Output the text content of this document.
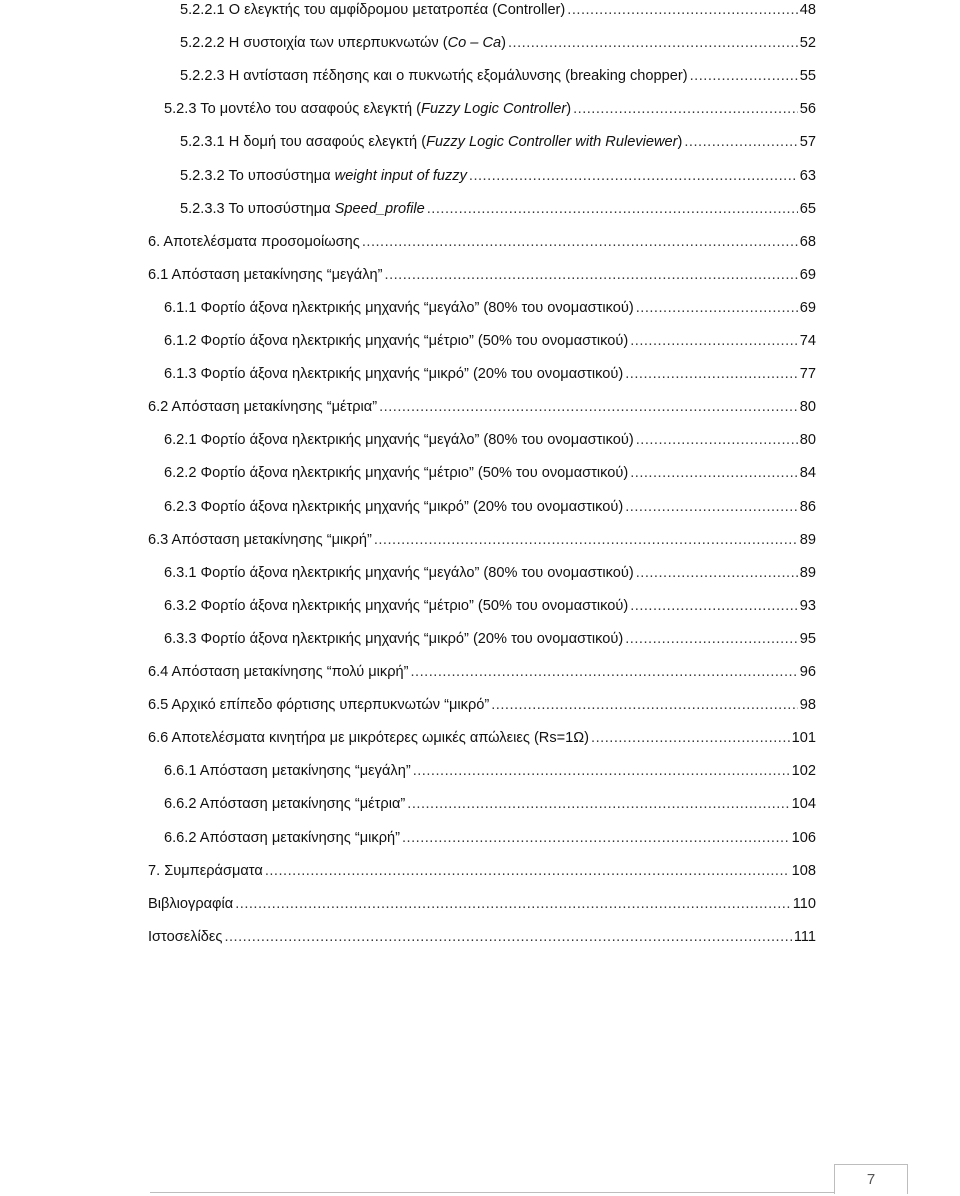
5.2.2.1 Ο ελεγκτής του αμφίδρομου μετατροπέα (Controller) .....	48
5.2.2.2 Η συστοιχία των υπερπυκνωτών (Co – Ca) .....	52
5.2.2.3 Η αντίσταση πέδησης και ο πυκνωτής εξομάλυνσης (breaking chopper) .....	55
5.2.3 Το μοντέλο του ασαφούς ελεγκτή (Fuzzy Logic Controller) .....	56
5.2.3.1 Η δομή του ασαφούς ελεγκτή (Fuzzy Logic Controller with Ruleviewer) .....	57
5.2.3.2 Το υποσύστημα weight input of fuzzy .....	63
5.2.3.3 Το υποσύστημα Speed_profile .....	65
6. Αποτελέσματα προσομοίωσης .....	68
6.1 Απόσταση μετακίνησης “μεγάλη” .....	69
6.1.1 Φορτίο άξονα ηλεκτρικής μηχανής “μεγάλο” (80% του ονομαστικού) .....	69
6.1.2 Φορτίο άξονα ηλεκτρικής μηχανής “μέτριο” (50% του ονομαστικού) .....	74
6.1.3 Φορτίο άξονα ηλεκτρικής μηχανής “μικρό” (20% του ονομαστικού) .....	77
6.2 Απόσταση μετακίνησης “μέτρια” .....	80
6.2.1 Φορτίο άξονα ηλεκτρικής μηχανής “μεγάλο” (80% του ονομαστικού) .....	80
6.2.2 Φορτίο άξονα ηλεκτρικής μηχανής “μέτριο” (50% του ονομαστικού) .....	84
6.2.3 Φορτίο άξονα ηλεκτρικής μηχανής “μικρό” (20% του ονομαστικού) .....	86
6.3 Απόσταση μετακίνησης “μικρή” .....	89
6.3.1 Φορτίο άξονα ηλεκτρικής μηχανής “μεγάλο” (80% του ονομαστικού) .....	89
6.3.2 Φορτίο άξονα ηλεκτρικής μηχανής “μέτριο” (50% του ονομαστικού) .....	93
6.3.3 Φορτίο άξονα ηλεκτρικής μηχανής “μικρό” (20% του ονομαστικού) .....	95
6.4 Απόσταση μετακίνησης “πολύ μικρή” .....	96
6.5 Αρχικό επίπεδο φόρτισης υπερπυκνωτών “μικρό” .....	98
6.6 Αποτελέσματα κινητήρα με μικρότερες ωμικές απώλειες (Rs=1Ω) .....	101
6.6.1 Απόσταση μετακίνησης “μεγάλη” .....	102
6.6.2 Απόσταση μετακίνησης “μέτρια” .....	104
6.6.2 Απόσταση μετακίνησης “μικρή” .....	106
7. Συμπεράσματα .....	108
Βιβλιογραφία .....	110
Ιστοσελίδες .....	111
7
